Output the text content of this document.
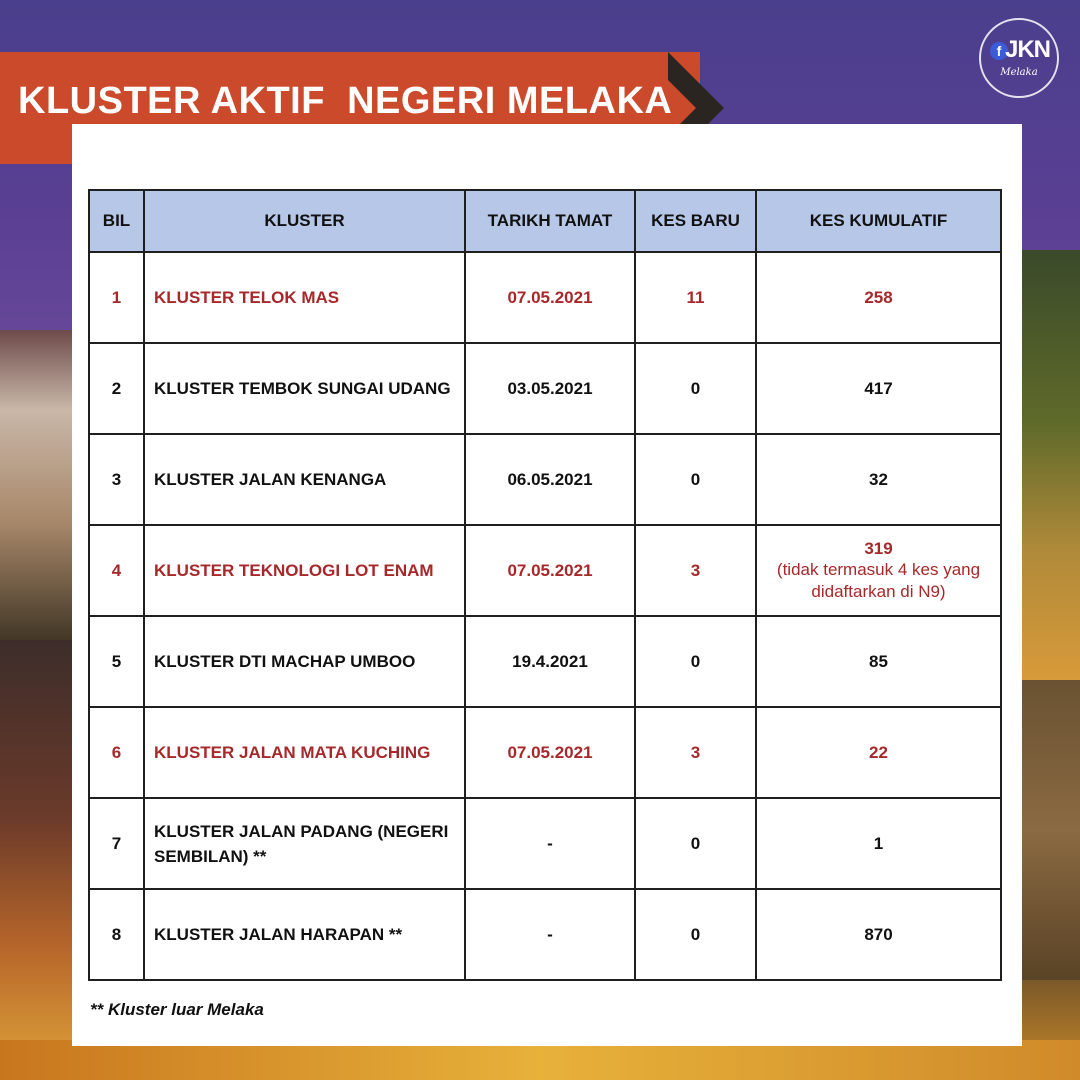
KLUSTER AKTIF  NEGERI MELAKA
f JKN
Melaka
BIL	KLUSTER	TARIKH TAMAT	KES BARU	KES KUMULATIF
1	KLUSTER TELOK MAS	07.05.2021	11	258
2	KLUSTER TEMBOK SUNGAI UDANG	03.05.2021	0	417
3	KLUSTER JALAN KENANGA	06.05.2021	0	32
4	KLUSTER TEKNOLOGI LOT ENAM	07.05.2021	3	319
(tidak termasuk 4 kes yang didaftarkan di N9)

5	KLUSTER DTI MACHAP UMBOO	19.4.2021	0	85
6	KLUSTER JALAN MATA KUCHING	07.05.2021	3	22
7	KLUSTER JALAN PADANG (NEGERI SEMBILAN) **	-	0	1
8	KLUSTER JALAN HARAPAN **	-	0	870

** Kluster luar Melaka
